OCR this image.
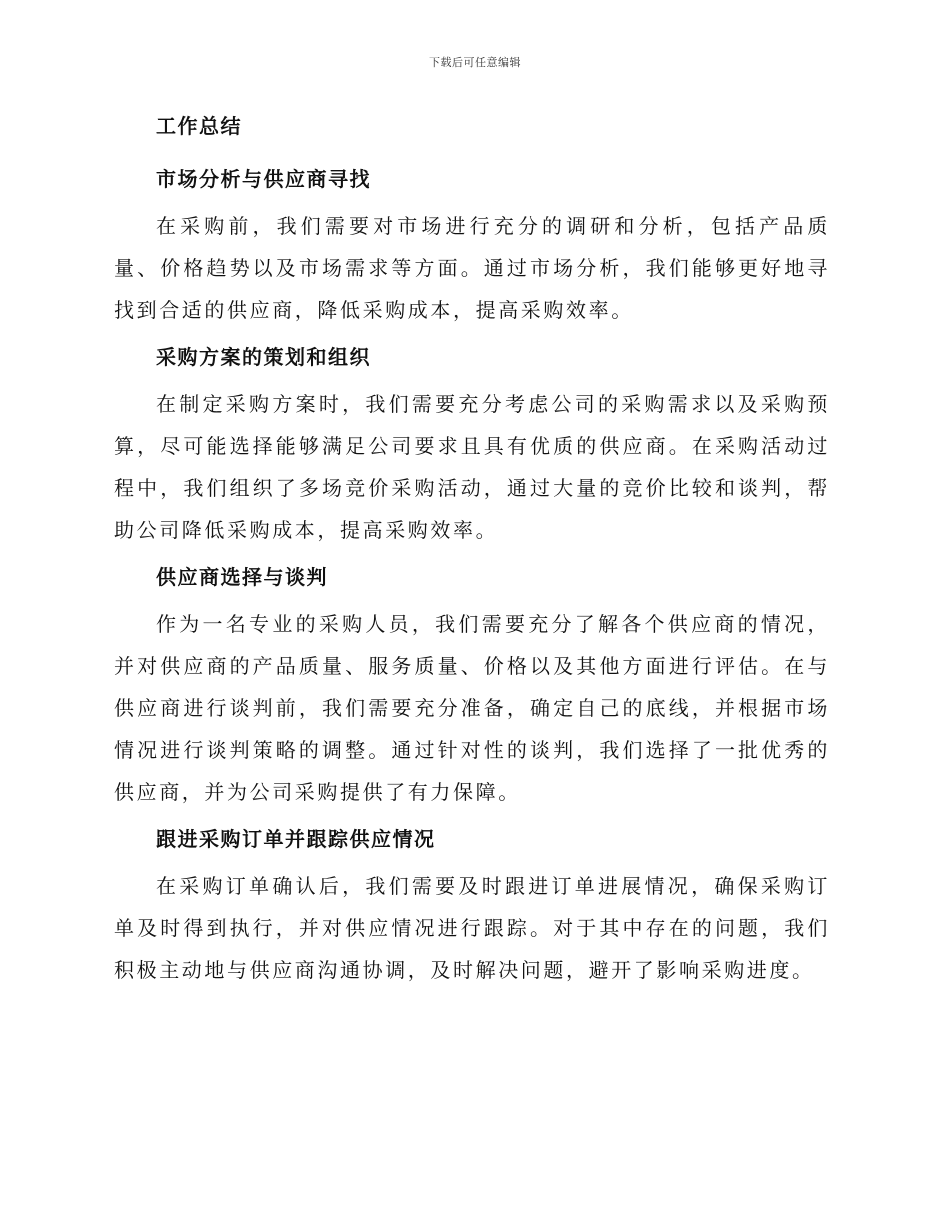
下载后可任意编辑
工作总结
市场分析与供应商寻找

在采购前，我们需要对市场进行充分的调研和分析，包括产品质量、价格趋势以及市场需求等方面。通过市场分析，我们能够更好地寻找到合适的供应商，降低采购成本，提高采购效率。

采购方案的策划和组织

在制定采购方案时，我们需要充分考虑公司的采购需求以及采购预算，尽可能选择能够满足公司要求且具有优质的供应商。在采购活动过程中，我们组织了多场竞价采购活动，通过大量的竞价比较和谈判，帮助公司降低采购成本，提高采购效率。

供应商选择与谈判

作为一名专业的采购人员，我们需要充分了解各个供应商的情况，并对供应商的产品质量、服务质量、价格以及其他方面进行评估。在与供应商进行谈判前，我们需要充分准备，确定自己的底线，并根据市场情况进行谈判策略的调整。通过针对性的谈判，我们选择了一批优秀的供应商，并为公司采购提供了有力保障。

跟进采购订单并跟踪供应情况

在采购订单确认后，我们需要及时跟进订单进展情况，确保采购订单及时得到执行，并对供应情况进行跟踪。对于其中存在的问题，我们积极主动地与供应商沟通协调，及时解决问题，避开了影响采购进度。
